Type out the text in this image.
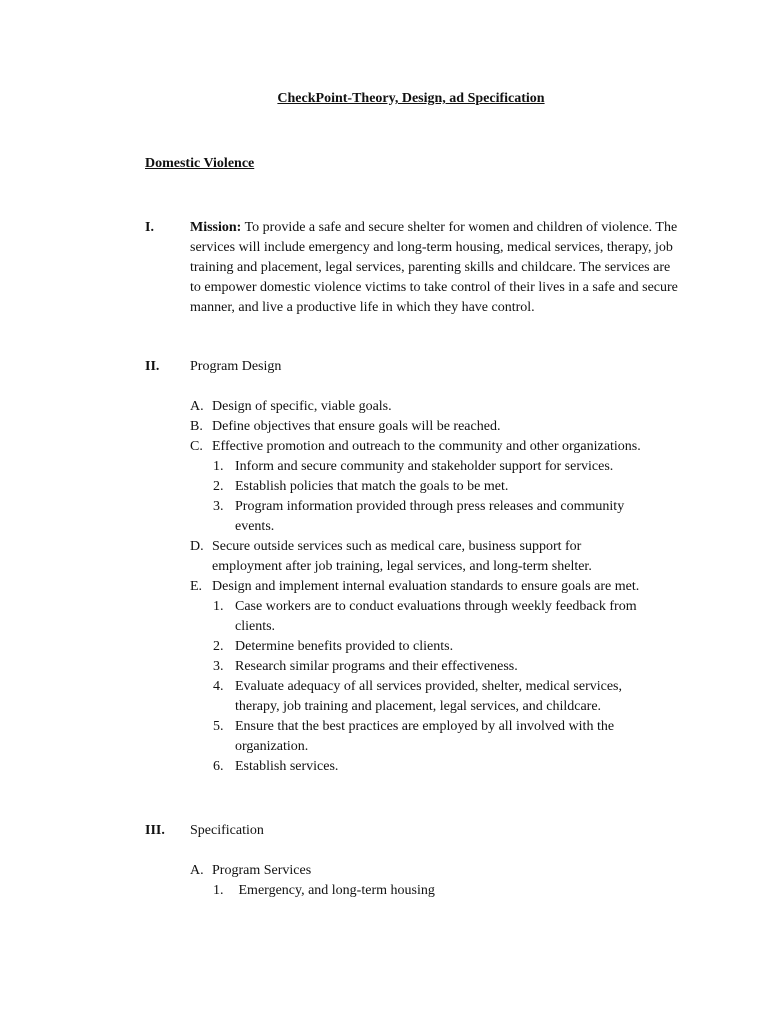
CheckPoint-Theory, Design, ad Specification
Domestic Violence
I.	Mission: To provide a safe and secure shelter for women and children of violence. The services will include emergency and long-term housing, medical services, therapy, job training and placement, legal services, parenting skills and childcare. The services are to empower domestic violence victims to take control of their lives in a safe and secure manner, and live a productive life in which they have control.

II. Program Design
A. Design of specific, viable goals.
B. Define objectives that ensure goals will be reached.
C. Effective promotion and outreach to the community and other organizations.
1. Inform and secure community and stakeholder support for services.
2. Establish policies that match the goals to be met.
3. Program information provided through press releases and community events.
D. Secure outside services such as medical care, business support for employment after job training, legal services, and long-term shelter.
E. Design and implement internal evaluation standards to ensure goals are met.
1. Case workers are to conduct evaluations through weekly feedback from clients.
2. Determine benefits provided to clients.
3. Research similar programs and their effectiveness.
4. Evaluate adequacy of all services provided, shelter, medical services, therapy, job training and placement, legal services, and childcare.
5. Ensure that the best practices are employed by all involved with the organization.
6. Establish services.
III. Specification
A. Program Services
1. Emergency, and long-term housing
